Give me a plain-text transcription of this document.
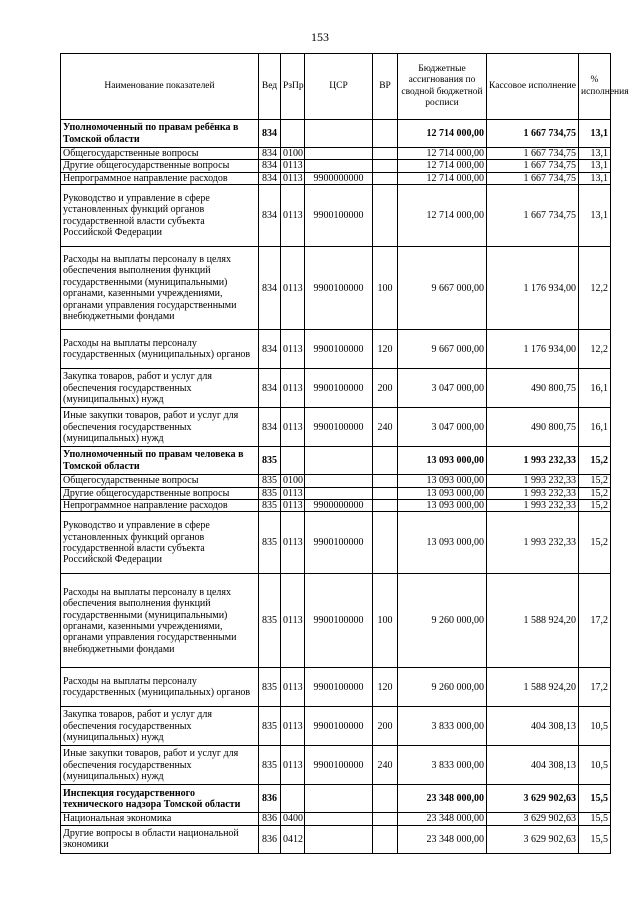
153
Наименование показателей	Вед	РзПр	ЦСР	ВР	Бюджетные ассигнования по сводной бюджетной росписи	Кассовое исполнение	% исполнения
Уполномоченный по правам ребёнка в Томской области	834				12 714 000,00	1 667 734,75	13,1
Общегосударственные вопросы	834	0100			12 714 000,00	1 667 734,75	13,1
Другие общегосударственные вопросы	834	0113			12 714 000,00	1 667 734,75	13,1
Непрограммное направление расходов	834	0113	9900000000		12 714 000,00	1 667 734,75	13,1
Руководство и управление в сфере установленных функций органов государственной власти субъекта Российской Федерации	834	0113	9900100000		12 714 000,00	1 667 734,75	13,1
Расходы на выплаты персоналу в целях обеспечения выполнения функций государственными (муниципальными) органами, казенными учреждениями, органами управления государственными внебюджетными фондами	834	0113	9900100000	100	9 667 000,00	1 176 934,00	12,2
Расходы на выплаты персоналу государственных (муниципальных) органов	834	0113	9900100000	120	9 667 000,00	1 176 934,00	12,2
Закупка товаров, работ и услуг для обеспечения государственных (муниципальных) нужд	834	0113	9900100000	200	3 047 000,00	490 800,75	16,1
Иные закупки товаров, работ и услуг для обеспечения государственных (муниципальных) нужд	834	0113	9900100000	240	3 047 000,00	490 800,75	16,1
Уполномоченный по правам человека в Томской области	835				13 093 000,00	1 993 232,33	15,2
Общегосударственные вопросы	835	0100			13 093 000,00	1 993 232,33	15,2
Другие общегосударственные вопросы	835	0113			13 093 000,00	1 993 232,33	15,2
Непрограммное направление расходов	835	0113	9900000000		13 093 000,00	1 993 232,33	15,2
Руководство и управление в сфере установленных функций органов государственной власти субъекта Российской Федерации	835	0113	9900100000		13 093 000,00	1 993 232,33	15,2
Расходы на выплаты персоналу в целях обеспечения выполнения функций государственными (муниципальными) органами, казенными учреждениями, органами управления государственными внебюджетными фондами	835	0113	9900100000	100	9 260 000,00	1 588 924,20	17,2
Расходы на выплаты персоналу государственных (муниципальных) органов	835	0113	9900100000	120	9 260 000,00	1 588 924,20	17,2
Закупка товаров, работ и услуг для обеспечения государственных (муниципальных) нужд	835	0113	9900100000	200	3 833 000,00	404 308,13	10,5
Иные закупки товаров, работ и услуг для обеспечения государственных (муниципальных) нужд	835	0113	9900100000	240	3 833 000,00	404 308,13	10,5
Инспекция государственного технического надзора Томской области	836				23 348 000,00	3 629 902,63	15,5
Национальная экономика	836	0400			23 348 000,00	3 629 902,63	15,5
Другие вопросы в области национальной экономики	836	0412			23 348 000,00	3 629 902,63	15,5
